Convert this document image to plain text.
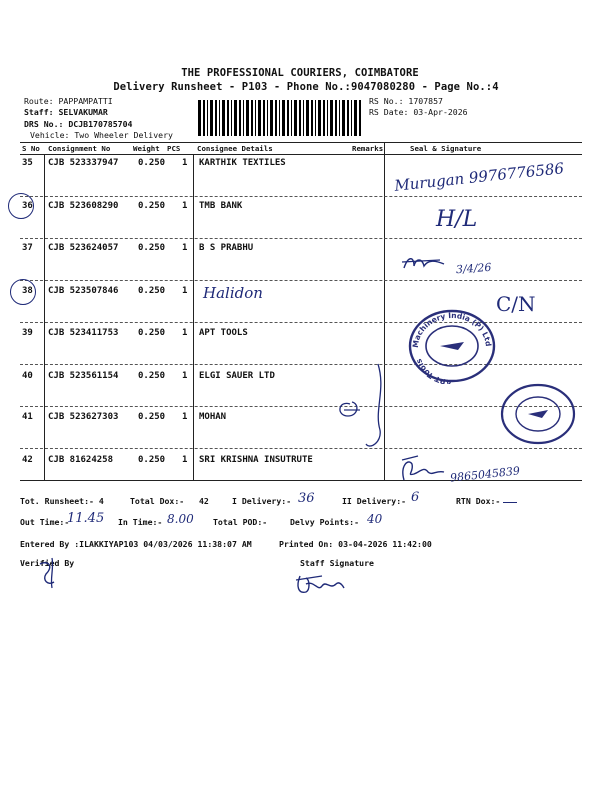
THE PROFESSIONAL COURIERS, COIMBATORE
Delivery Runsheet - P103 - Phone No.:9047080280 - Page No.:4
Route: PAPPAMPATTI
Staff: SELVAKUMAR
DRS No.: DCJB170785704
Vehicle: Two Wheeler Delivery
RS No.: 1707857
RS Date: 03-Apr-2026
S No Consignment No	Weight PCS Consignee Details	Remarks	Seal & Signature
35 CJB 523337947 0.250 1 KARTHIK TEXTILES
36 CJB 523608290 0.250 1 TMB BANK
37 CJB 523624057 0.250 1 B S PRABHU
38 CJB 523507846 0.250 1
39 CJB 523411753 0.250 1 APT TOOLS
40 CJB 523561154 0.250 1 ELGI SAUER LTD
41 CJB 523627303 0.250 1 MOHAN
42 CJB 81624258	0.250 1 SRI KRISHNA INSUTRUTE
Murugan 9976776586
H/L
3/4/26
Halidon	C/N
9865045839
Machinery India (P) Ltd
APT Tools
Tot. Runsheet:- 4	Total Dox:- 42	I Delivery:- 36	II Delivery:- 6	RTN Dox:-
Out Time:-
11.45 In Time:- 8.00 Total POD:-	Delvy Points:- 40
Entered By :ILAKKIYAP103 04/03/2026 11:38:07 AM	Printed On: 03-04-2026 11:42:00
Verified By	Staff Signature
